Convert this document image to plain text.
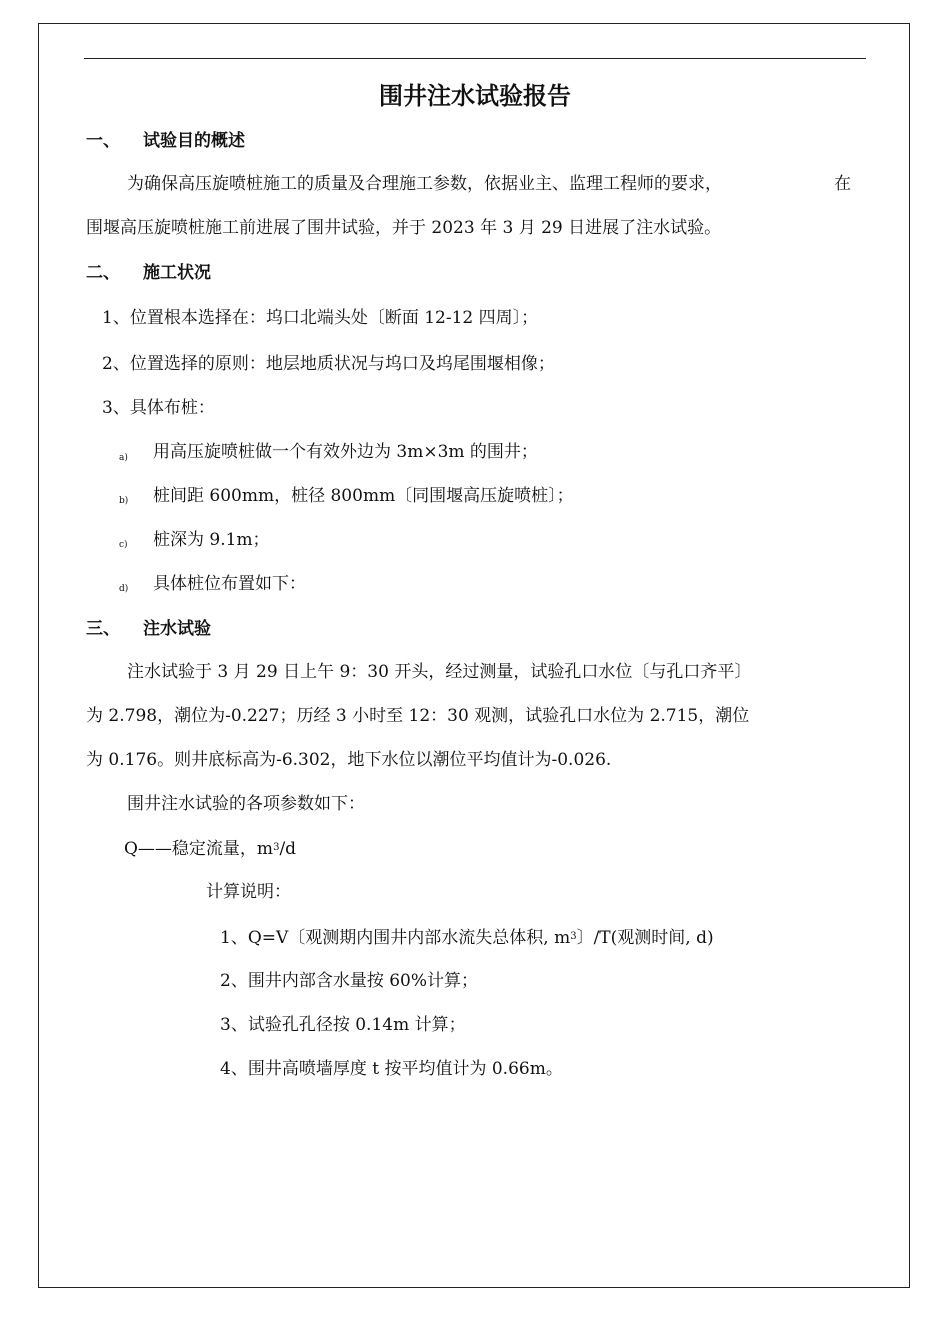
围井注水试验报告
一、 试验目的概述
为确保高压旋喷桩施工的质量及合理施工参数，依据业主、监理工程师的要求，	在
围堰高压旋喷桩施工前进展了围井试验，并于 2023 年 3 月 29 日进展了注水试验。
二、 施工状况
1、位置根本选择在：坞口北端头处〔断面 12-12 四周〕；
2、位置选择的原则：地层地质状况与坞口及坞尾围堰相像；
3、具体布桩：
a) 用高压旋喷桩做一个有效外边为 3m×3m 的围井；
b) 桩间距 600mm，桩径 800mm〔同围堰高压旋喷桩〕；
c) 桩深为 9.1m；
d) 具体桩位布置如下：
三、 注水试验
注水试验于 3 月 29 日上午 9：30 开头，经过测量，试验孔口水位〔与孔口齐平〕
为 2.798，潮位为-0.227；历经 3 小时至 12：30 观测，试验孔口水位为 2.715，潮位
为 0.176。则井底标高为-6.302，地下水位以潮位平均值计为-0.026.
围井注水试验的各项参数如下：
Q——稳定流量，$m^3/d$
计算说明：
1、Q=V〔观测期内围井内部水流失总体积, $m^3$〕/T(观测时间, d)
2、围井内部含水量按 60%计算；
3、试验孔孔径按 0.14m 计算；
4、围井高喷墙厚度 t 按平均值计为 0.66m。
